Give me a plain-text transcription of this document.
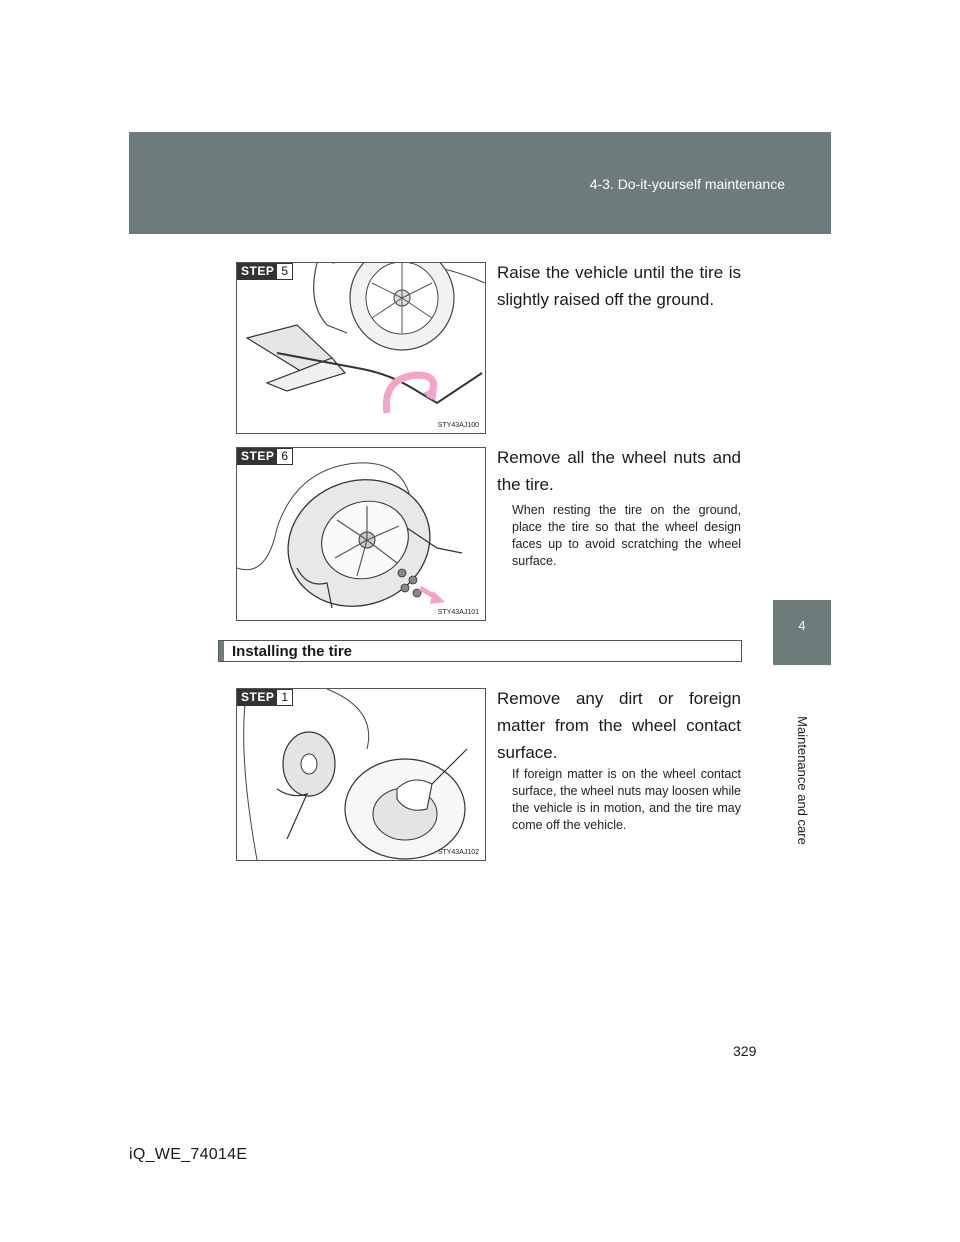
4-3. Do-it-yourself maintenance
4
Maintenance and care
STEP 5
STY43AJ100

Raise the vehicle until the tire is slightly raised off the ground.

STEP 6
STY43AJ101

Remove all the wheel nuts and the tire.

When resting the tire on the ground, place the tire so that the wheel design faces up to avoid scratching the wheel surface.

Installing the tire
STEP 1
STY43AJ102

Remove any dirt or foreign matter from the wheel contact surface.

If foreign matter is on the wheel contact surface, the wheel nuts may loosen while the vehicle is in motion, and the tire may come off the vehicle.

329
iQ_WE_74014E
